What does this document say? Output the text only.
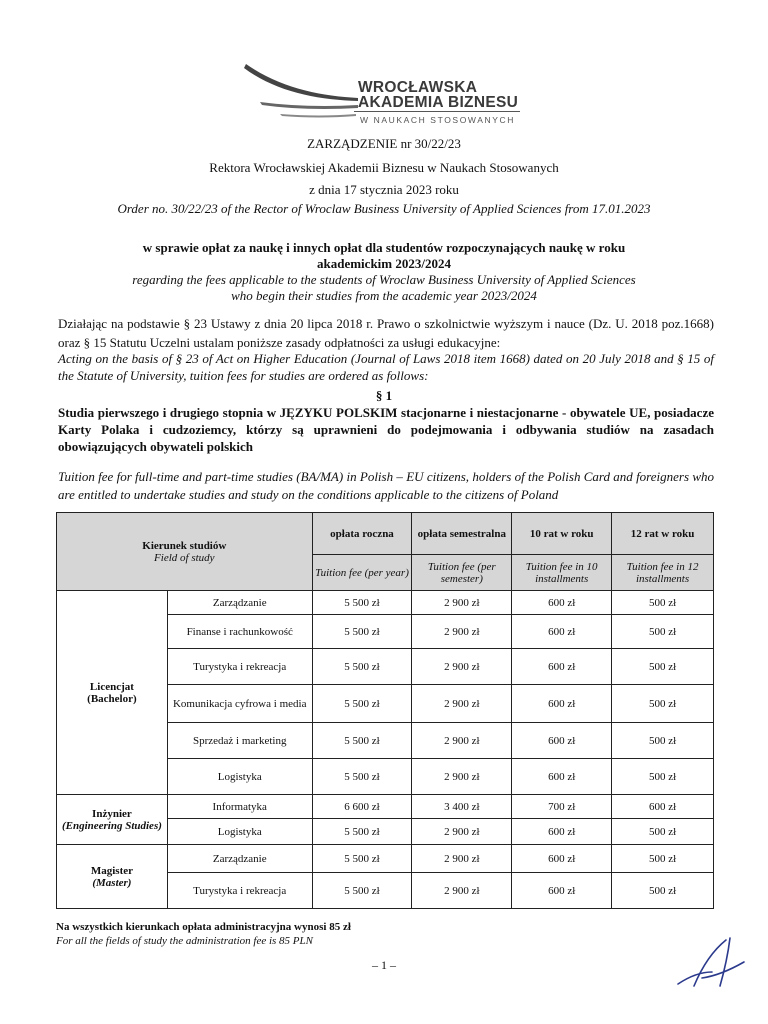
WROCŁAWSKA
AKADEMIA BIZNESU
W NAUKACH STOSOWANYCH
ZARZĄDZENIE nr 30/22/23
Rektora Wrocławskiej Akademii Biznesu w Naukach Stosowanych
z dnia 17 stycznia 2023 roku
Order no. 30/22/23 of the Rector of Wroclaw Business University of Applied Sciences from 17.01.2023
w sprawie opłat za naukę i innych opłat dla studentów rozpoczynających naukę w roku
akademickim 2023/2024
regarding the fees applicable to the students of Wroclaw Business University of Applied Sciences
who begin their studies from the academic year 2023/2024
Działając na podstawie § 23 Ustawy z dnia 20 lipca 2018 r. Prawo o szkolnictwie wyższym i nauce (Dz. U. 2018 poz.1668) oraz § 15 Statutu Uczelni ustalam poniższe zasady odpłatności za usługi edukacyjne:
Acting on the basis of § 23 of Act on Higher Education (Journal of Laws 2018 item 1668) dated on 20 July 2018 and § 15 of the Statute of University, tuition fees for studies are ordered as follows:
§ 1
Studia pierwszego i drugiego stopnia w JĘZYKU POLSKIM stacjonarne i niestacjonarne - obywatele UE, posiadacze Karty Polaka i cudzoziemcy, którzy są uprawnieni do podejmowania i odbywania studiów na zasadach obowiązujących obywateli polskich
Tuition fee for full-time and part-time studies (BA/MA) in Polish – EU citizens, holders of the Polish Card and foreigners who are entitled to undertake studies and study on the conditions applicable to the citizens of Poland
Kierunek studiów
Field of study		opłata roczna	opłata semestralna	10 rat w roku	12 rat w roku
		Tuition fee (per year)	Tuition fee (per semester)	Tuition fee in 10 installments	Tuition fee in 12 installments

Licencjat
(Bachelor)	Zarządzanie	5 500 zł	2 900 zł	600 zł	500 zł
	Finanse i rachunkowość	5 500 zł	2 900 zł	600 zł	500 zł
	Turystyka i rekreacja	5 500 zł	2 900 zł	600 zł	500 zł
	Komunikacja cyfrowa i media	5 500 zł	2 900 zł	600 zł	500 zł
	Sprzedaż i marketing	5 500 zł	2 900 zł	600 zł	500 zł
	Logistyka	5 500 zł	2 900 zł	600 zł	500 zł

Inżynier
(Engineering Studies)	Informatyka	6 600 zł	3 400 zł	700 zł	600 zł
	Logistyka	5 500 zł	2 900 zł	600 zł	500 zł

Magister
(Master)	Zarządzanie	5 500 zł	2 900 zł	600 zł	500 zł
	Turystyka i rekreacja	5 500 zł	2 900 zł	600 zł	500 zł
Na wszystkich kierunkach opłata administracyjna wynosi 85 zł
For all the fields of study the administration fee is 85 PLN
– 1 –
